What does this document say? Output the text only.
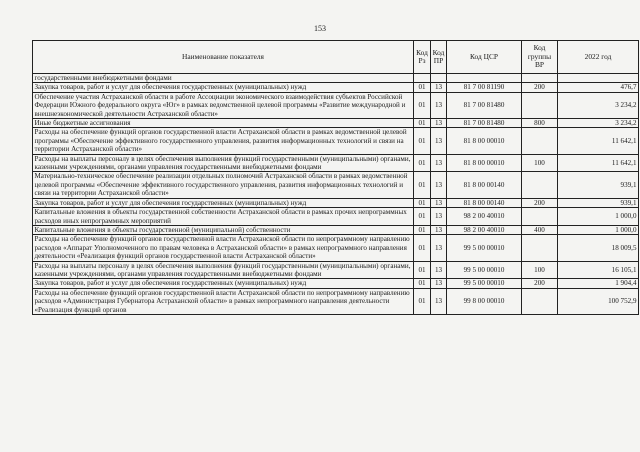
153
Наименование показателя	Код Рз	Код ПР	Код ЦСР	Код группы ВР	2022 год
государственными внебюджетными фондами					
Закупка товаров, работ и услуг для обеспечения государственных (муниципальных) нужд	01	13	81 7 00 81190	200	476,7
Обеспечение участия Астраханской области в работе Ассоциации экономического взаимодействия субъектов Российской Федерации Южного федерального округа «Юг» в рамках ведомственной целевой программы «Развитие международной и внешнеэкономической деятельности Астраханской области»	01	13	81 7 00 81480		3 234,2
Иные бюджетные ассигнования	01	13	81 7 00 81480	800	3 234,2
Расходы на обеспечение функций органов государственной власти Астраханской области в рамках ведомственной целевой программы «Обеспечение эффективного государственного управления, развития информационных технологий и связи на территории Астраханской области»	01	13	81 8 00 00010		11 642,1
Расходы на выплаты персоналу в целях обеспечения выполнения функций государственными (муниципальными) органами, казенными учреждениями, органами управления государственными внебюджетными фондами	01	13	81 8 00 00010	100	11 642,1
Материально-техническое обеспечение реализации отдельных полномочий Астраханской области в рамках ведомственной целевой программы «Обеспечение эффективного государственного управления, развития информационных технологий и связи на территории Астраханской области»	01	13	81 8 00 00140		939,1
Закупка товаров, работ и услуг для обеспечения государственных (муниципальных) нужд	01	13	81 8 00 00140	200	939,1
Капитальные вложения в объекты государственной собственности Астраханской области в рамках прочих непрограммных расходов иных непрограммных мероприятий	01	13	98 2 00 40010		1 000,0
Капитальные вложения в объекты государственной (муниципальной) собственности	01	13	98 2 00 40010	400	1 000,0
Расходы на обеспечение функций органов государственной власти Астраханской области по непрограммному направлению расходов «Аппарат Уполномоченного по правам человека в Астраханской области» в рамках непрограммного направления деятельности «Реализация функций органов государственной власти Астраханской области»	01	13	99 5 00 00010		18 009,5
Расходы на выплаты персоналу в целях обеспечения выполнения функций государственными (муниципальными) органами, казенными учреждениями, органами управления государственными внебюджетными фондами	01	13	99 5 00 00010	100	16 105,1
Закупка товаров, работ и услуг для обеспечения государственных (муниципальных) нужд	01	13	99 5 00 00010	200	1 904,4
Расходы на обеспечение функций органов государственной власти Астраханской области по непрограммному направлению расходов «Администрация Губернатора Астраханской области» в рамках непрограммного направления деятельности «Реализация функций органов	01	13	99 8 00 00010		100 752,9
